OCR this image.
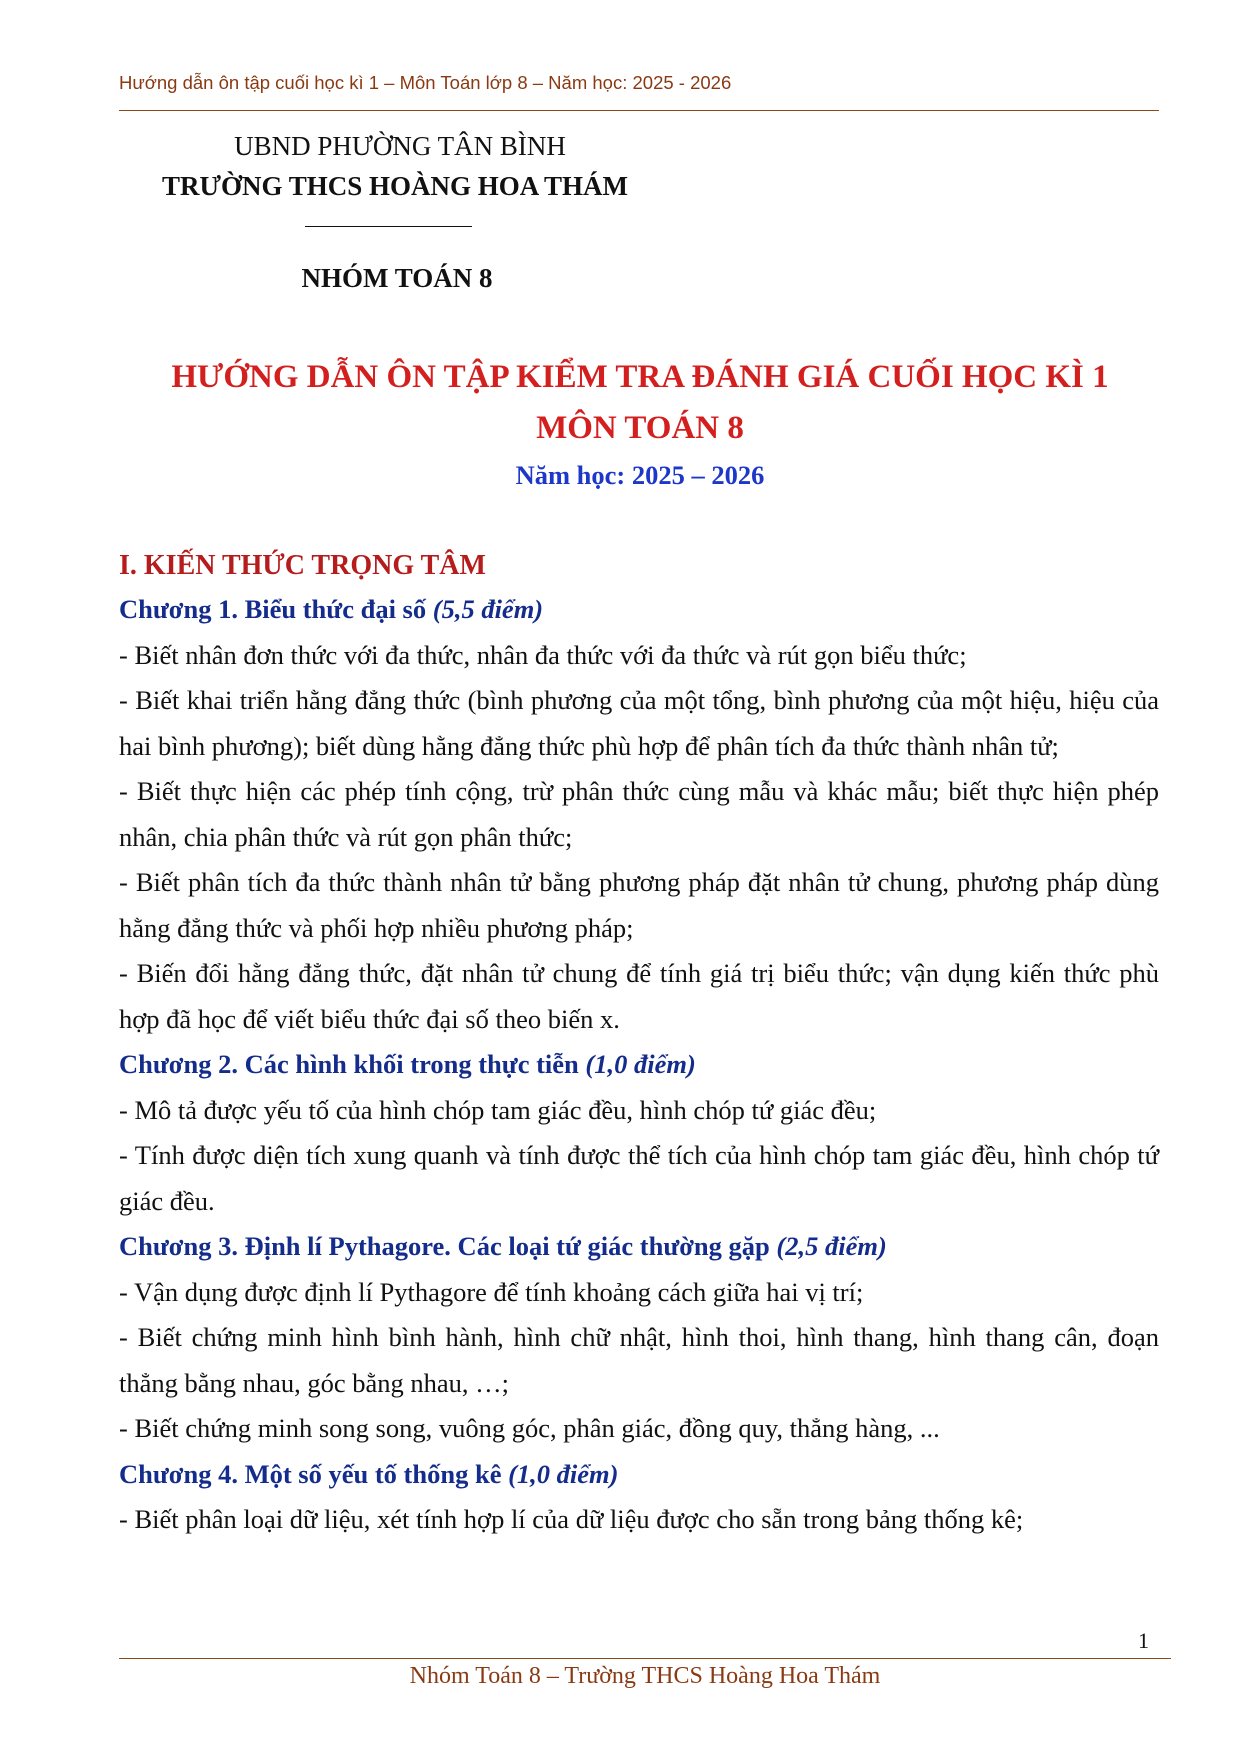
Hướng dẫn ôn tập cuối học kì 1 – Môn Toán lớp 8 – Năm học: 2025 - 2026
UBND PHƯỜNG TÂN BÌNH
TRƯỜNG THCS HOÀNG HOA THÁM
NHÓM TOÁN 8
HƯỚNG DẪN ÔN TẬP KIỂM TRA ĐÁNH GIÁ CUỐI HỌC KÌ 1
MÔN TOÁN 8
Năm học: 2025 – 2026
I. KIẾN THỨC TRỌNG TÂM
Chương 1. Biểu thức đại số (5,5 điểm)
- Biết nhân đơn thức với đa thức, nhân đa thức với đa thức và rút gọn biểu thức;
- Biết khai triển hằng đẳng thức (bình phương của một tổng, bình phương của một hiệu, hiệu của hai bình phương); biết dùng hằng đẳng thức phù hợp để phân tích đa thức thành nhân tử;
- Biết thực hiện các phép tính cộng, trừ phân thức cùng mẫu và khác mẫu; biết thực hiện phép nhân, chia phân thức và rút gọn phân thức;
- Biết phân tích đa thức thành nhân tử bằng phương pháp đặt nhân tử chung, phương pháp dùng hằng đẳng thức và phối hợp nhiều phương pháp;
- Biến đổi hằng đẳng thức, đặt nhân tử chung để tính giá trị biểu thức; vận dụng kiến thức phù hợp đã học để viết biểu thức đại số theo biến x.
Chương 2. Các hình khối trong thực tiễn (1,0 điểm)
- Mô tả được yếu tố của hình chóp tam giác đều, hình chóp tứ giác đều;
- Tính được diện tích xung quanh và tính được thể tích của hình chóp tam giác đều, hình chóp tứ giác đều.
Chương 3. Định lí Pythagore. Các loại tứ giác thường gặp (2,5 điểm)
- Vận dụng được định lí Pythagore để tính khoảng cách giữa hai vị trí;
- Biết chứng minh hình bình hành, hình chữ nhật, hình thoi, hình thang, hình thang cân, đoạn thẳng bằng nhau, góc bằng nhau, …;
- Biết chứng minh song song, vuông góc, phân giác, đồng quy, thẳng hàng, ...
Chương 4. Một số yếu tố thống kê (1,0 điểm)
- Biết phân loại dữ liệu, xét tính hợp lí của dữ liệu được cho sẵn trong bảng thống kê;
1
Nhóm Toán 8 – Trường THCS Hoàng Hoa Thám
